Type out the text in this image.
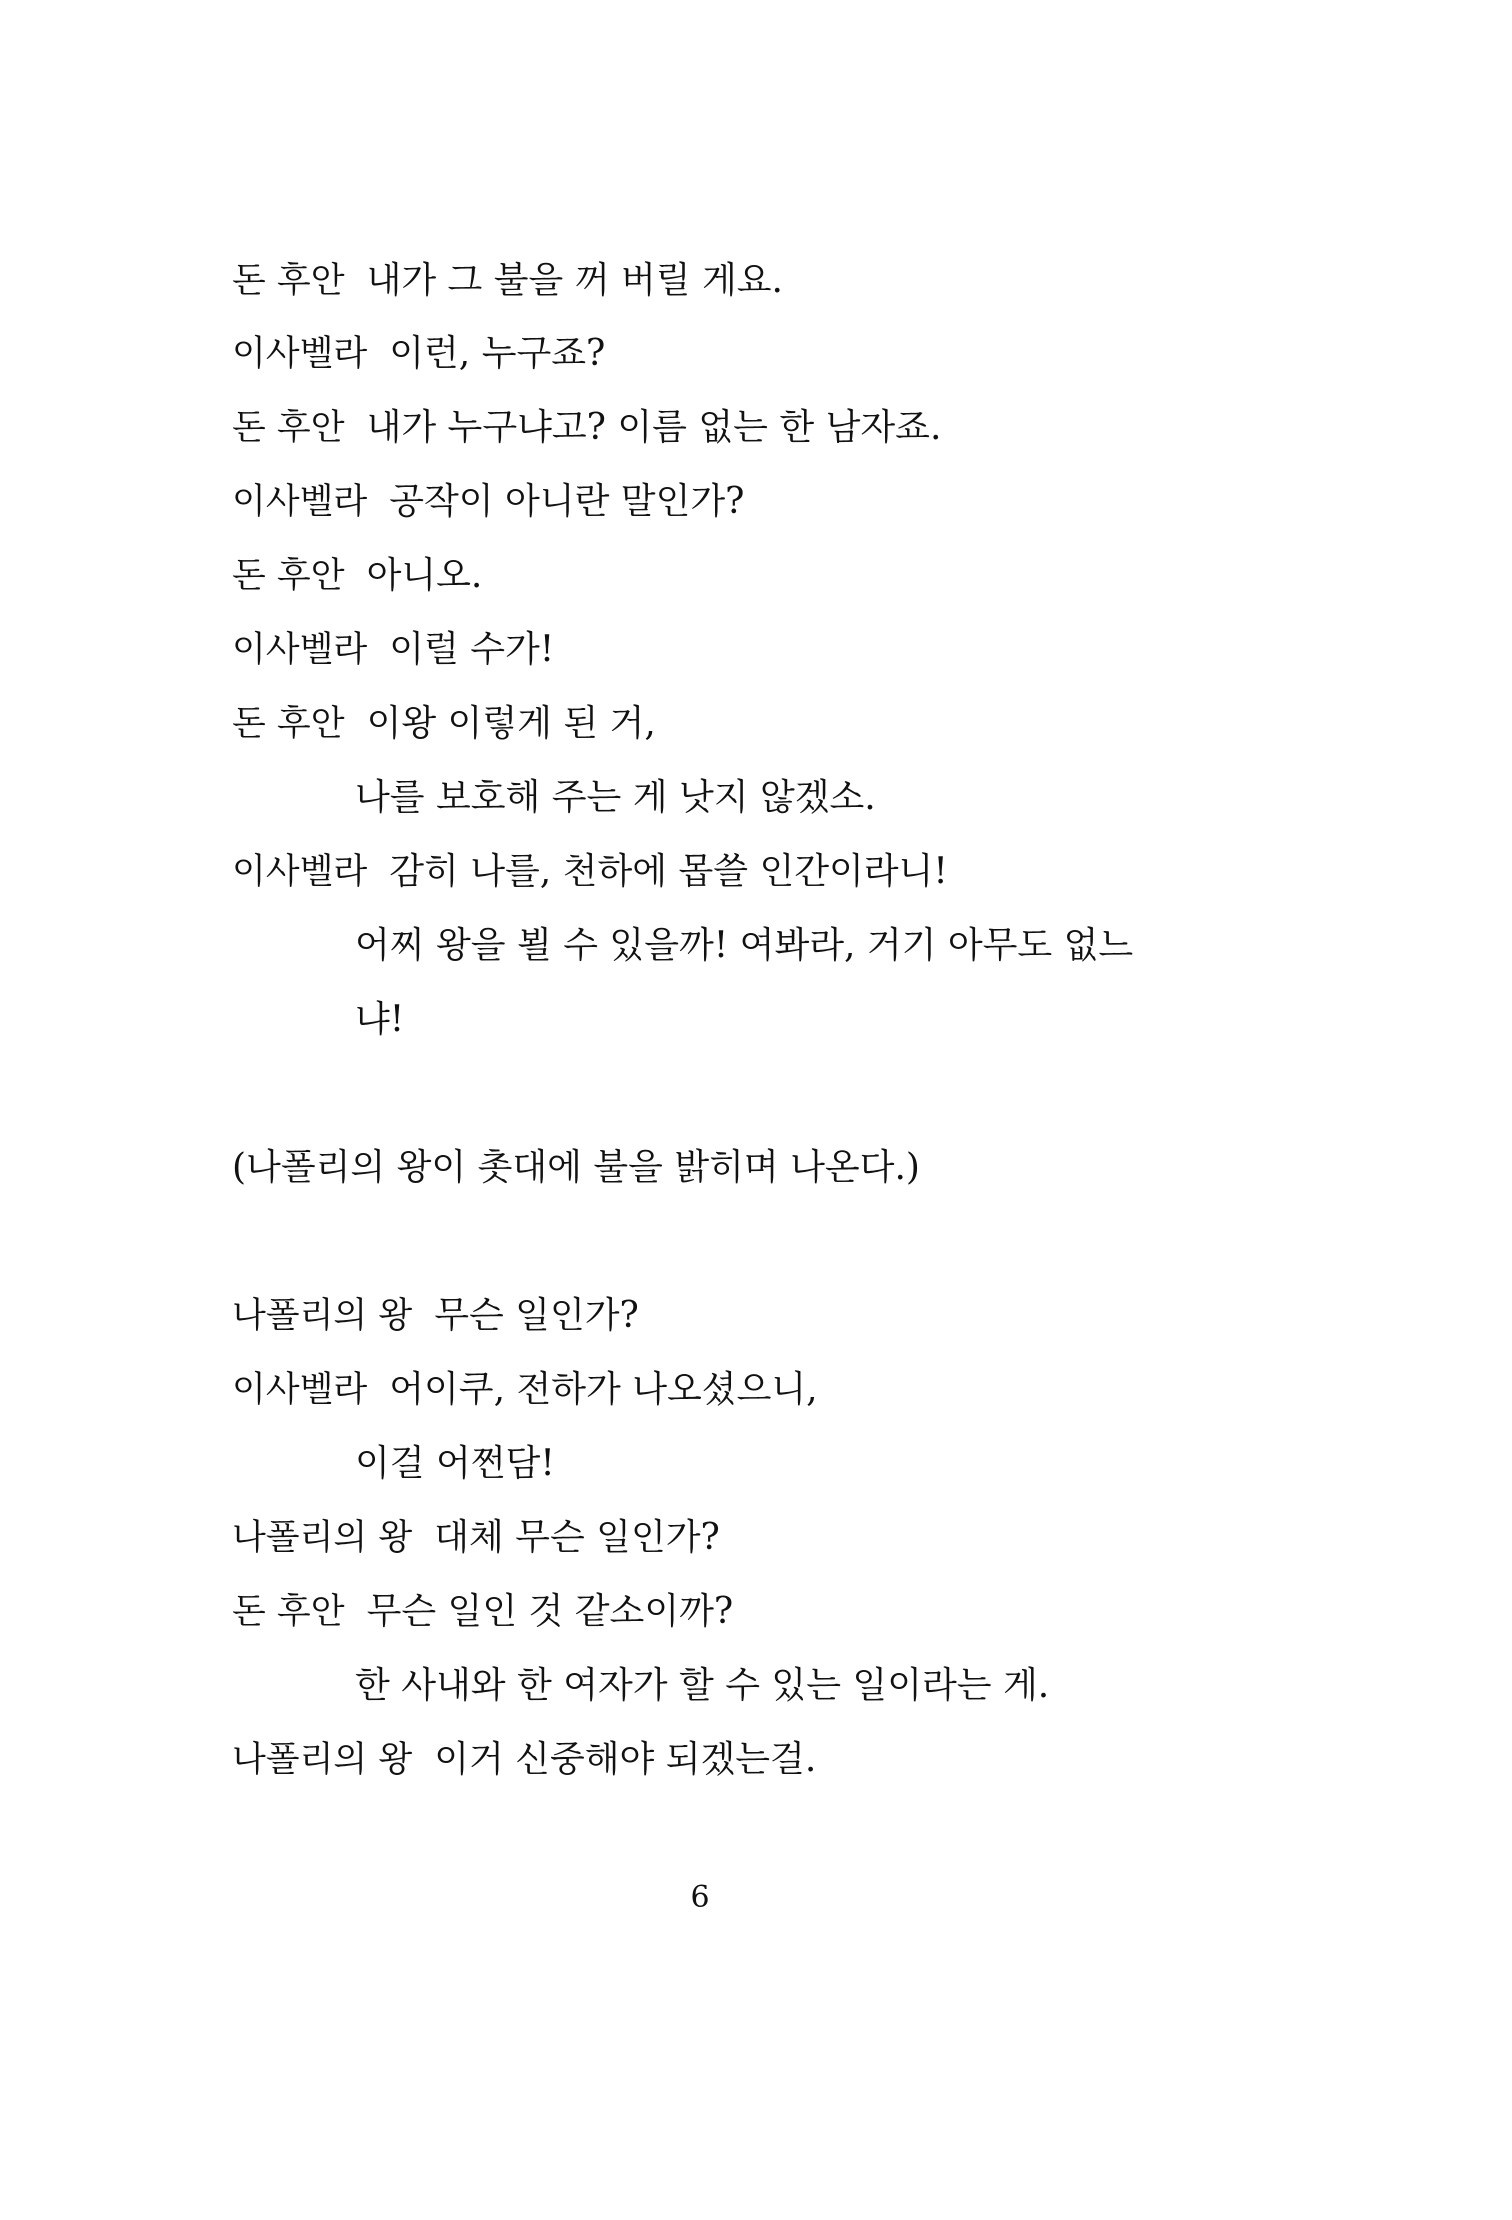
돈 후안 내가 그 불을 꺼 버릴 게요.
이사벨라 이런, 누구죠?
돈 후안 내가 누구냐고? 이름 없는 한 남자죠.
이사벨라 공작이 아니란 말인가?
돈 후안 아니오.
이사벨라 이럴 수가!
돈 후안 이왕 이렇게 된 거,
나를 보호해 주는 게 낫지 않겠소.
이사벨라 감히 나를, 천하에 몹쓸 인간이라니!
어찌 왕을 뵐 수 있을까! 여봐라, 거기 아무도 없느
냐!
(나폴리의 왕이 촛대에 불을 밝히며 나온다.)
나폴리의 왕 무슨 일인가?
이사벨라 어이쿠, 전하가 나오셨으니,
이걸 어쩐담!
나폴리의 왕 대체 무슨 일인가?
돈 후안 무슨 일인 것 같소이까?
한 사내와 한 여자가 할 수 있는 일이라는 게.
나폴리의 왕 이거 신중해야 되겠는걸.
6
